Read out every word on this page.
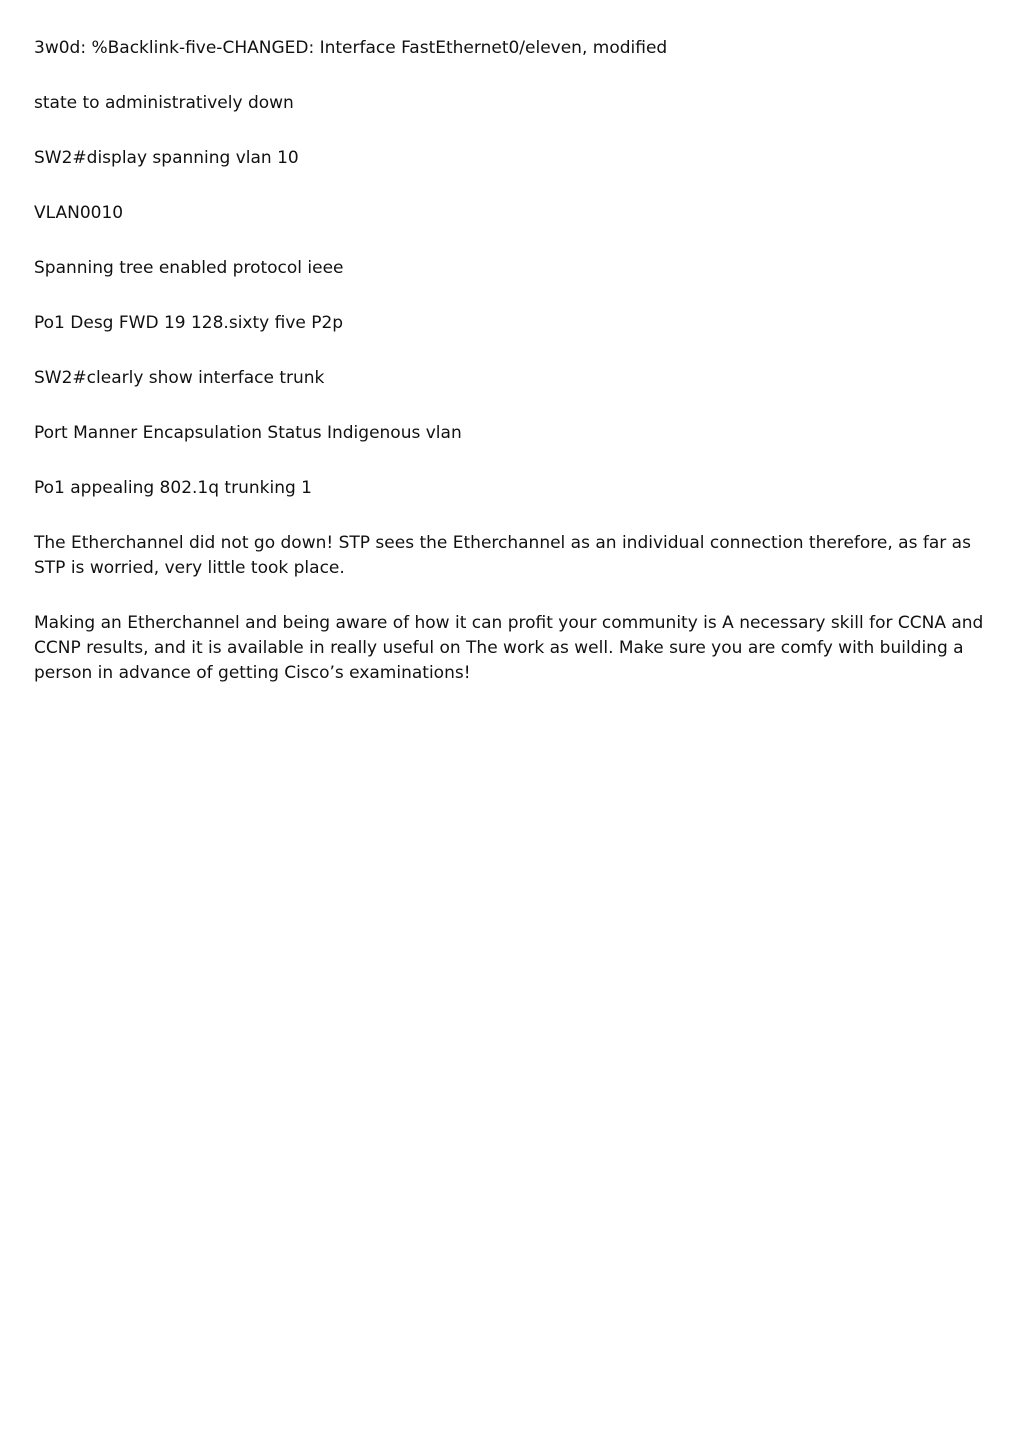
3w0d: %Backlink-five-CHANGED: Interface FastEthernet0/eleven, modified

state to administratively down

SW2#display spanning vlan 10

VLAN0010

Spanning tree enabled protocol ieee

Po1 Desg FWD 19 128.sixty five P2p

SW2#clearly show interface trunk

Port Manner Encapsulation Status Indigenous vlan

Po1 appealing 802.1q trunking 1

The Etherchannel did not go down! STP sees the Etherchannel as an individual connection therefore, as far as STP is worried, very little took place.

Making an Etherchannel and being aware of how it can profit your community is A necessary skill for CCNA and CCNP results, and it is available in really useful on The work as well. Make sure you are comfy with building a person in advance of getting Cisco’s examinations!
